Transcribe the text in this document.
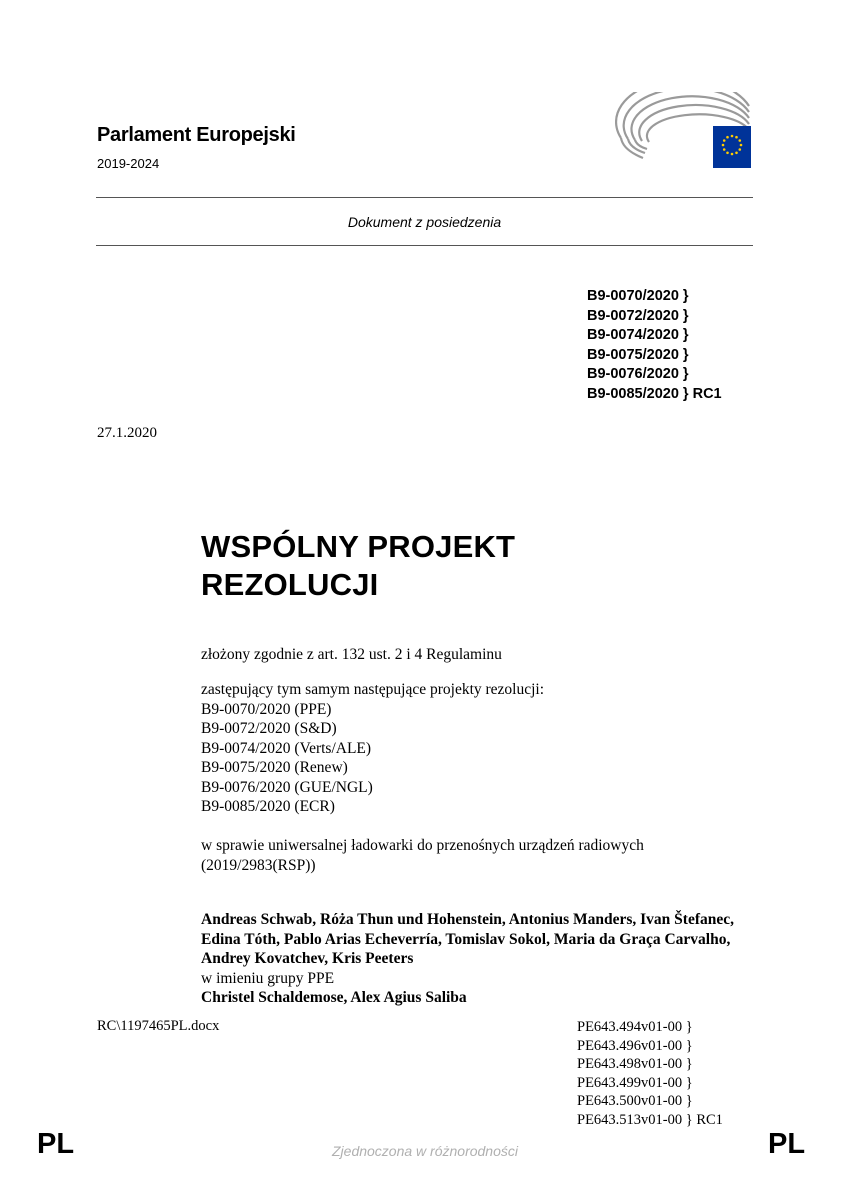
Parlament Europejski
2019-2024
Dokument z posiedzenia
B9-0070/2020 }
B9-0072/2020 }
B9-0074/2020 }
B9-0075/2020 }
B9-0076/2020 }
B9-0085/2020 } RC1
27.1.2020
WSPÓLNY PROJEKT
REZOLUCJI
złożony zgodnie z art. 132 ust. 2 i 4 Regulaminu
zastępujący tym samym następujące projekty rezolucji:
B9-0070/2020 (PPE)
B9-0072/2020 (S&D)
B9-0074/2020 (Verts/ALE)
B9-0075/2020 (Renew)
B9-0076/2020 (GUE/NGL)
B9-0085/2020 (ECR)
w sprawie uniwersalnej ładowarki do przenośnych urządzeń radiowych
(2019/2983(RSP))
Andreas Schwab, Róża Thun und Hohenstein, Antonius Manders, Ivan Štefanec, Edina Tóth, Pablo Arias Echeverría, Tomislav Sokol, Maria da Graça Carvalho, Andrey Kovatchev, Kris Peeters
w imieniu grupy PPE
Christel Schaldemose, Alex Agius Saliba
RC\1197465PL.docx	PE643.494v01-00 }
PE643.496v01-00 }
PE643.498v01-00 }
PE643.499v01-00 }
PE643.500v01-00 }
PE643.513v01-00 } RC1
PL	Zjednoczona w różnorodności	PL
